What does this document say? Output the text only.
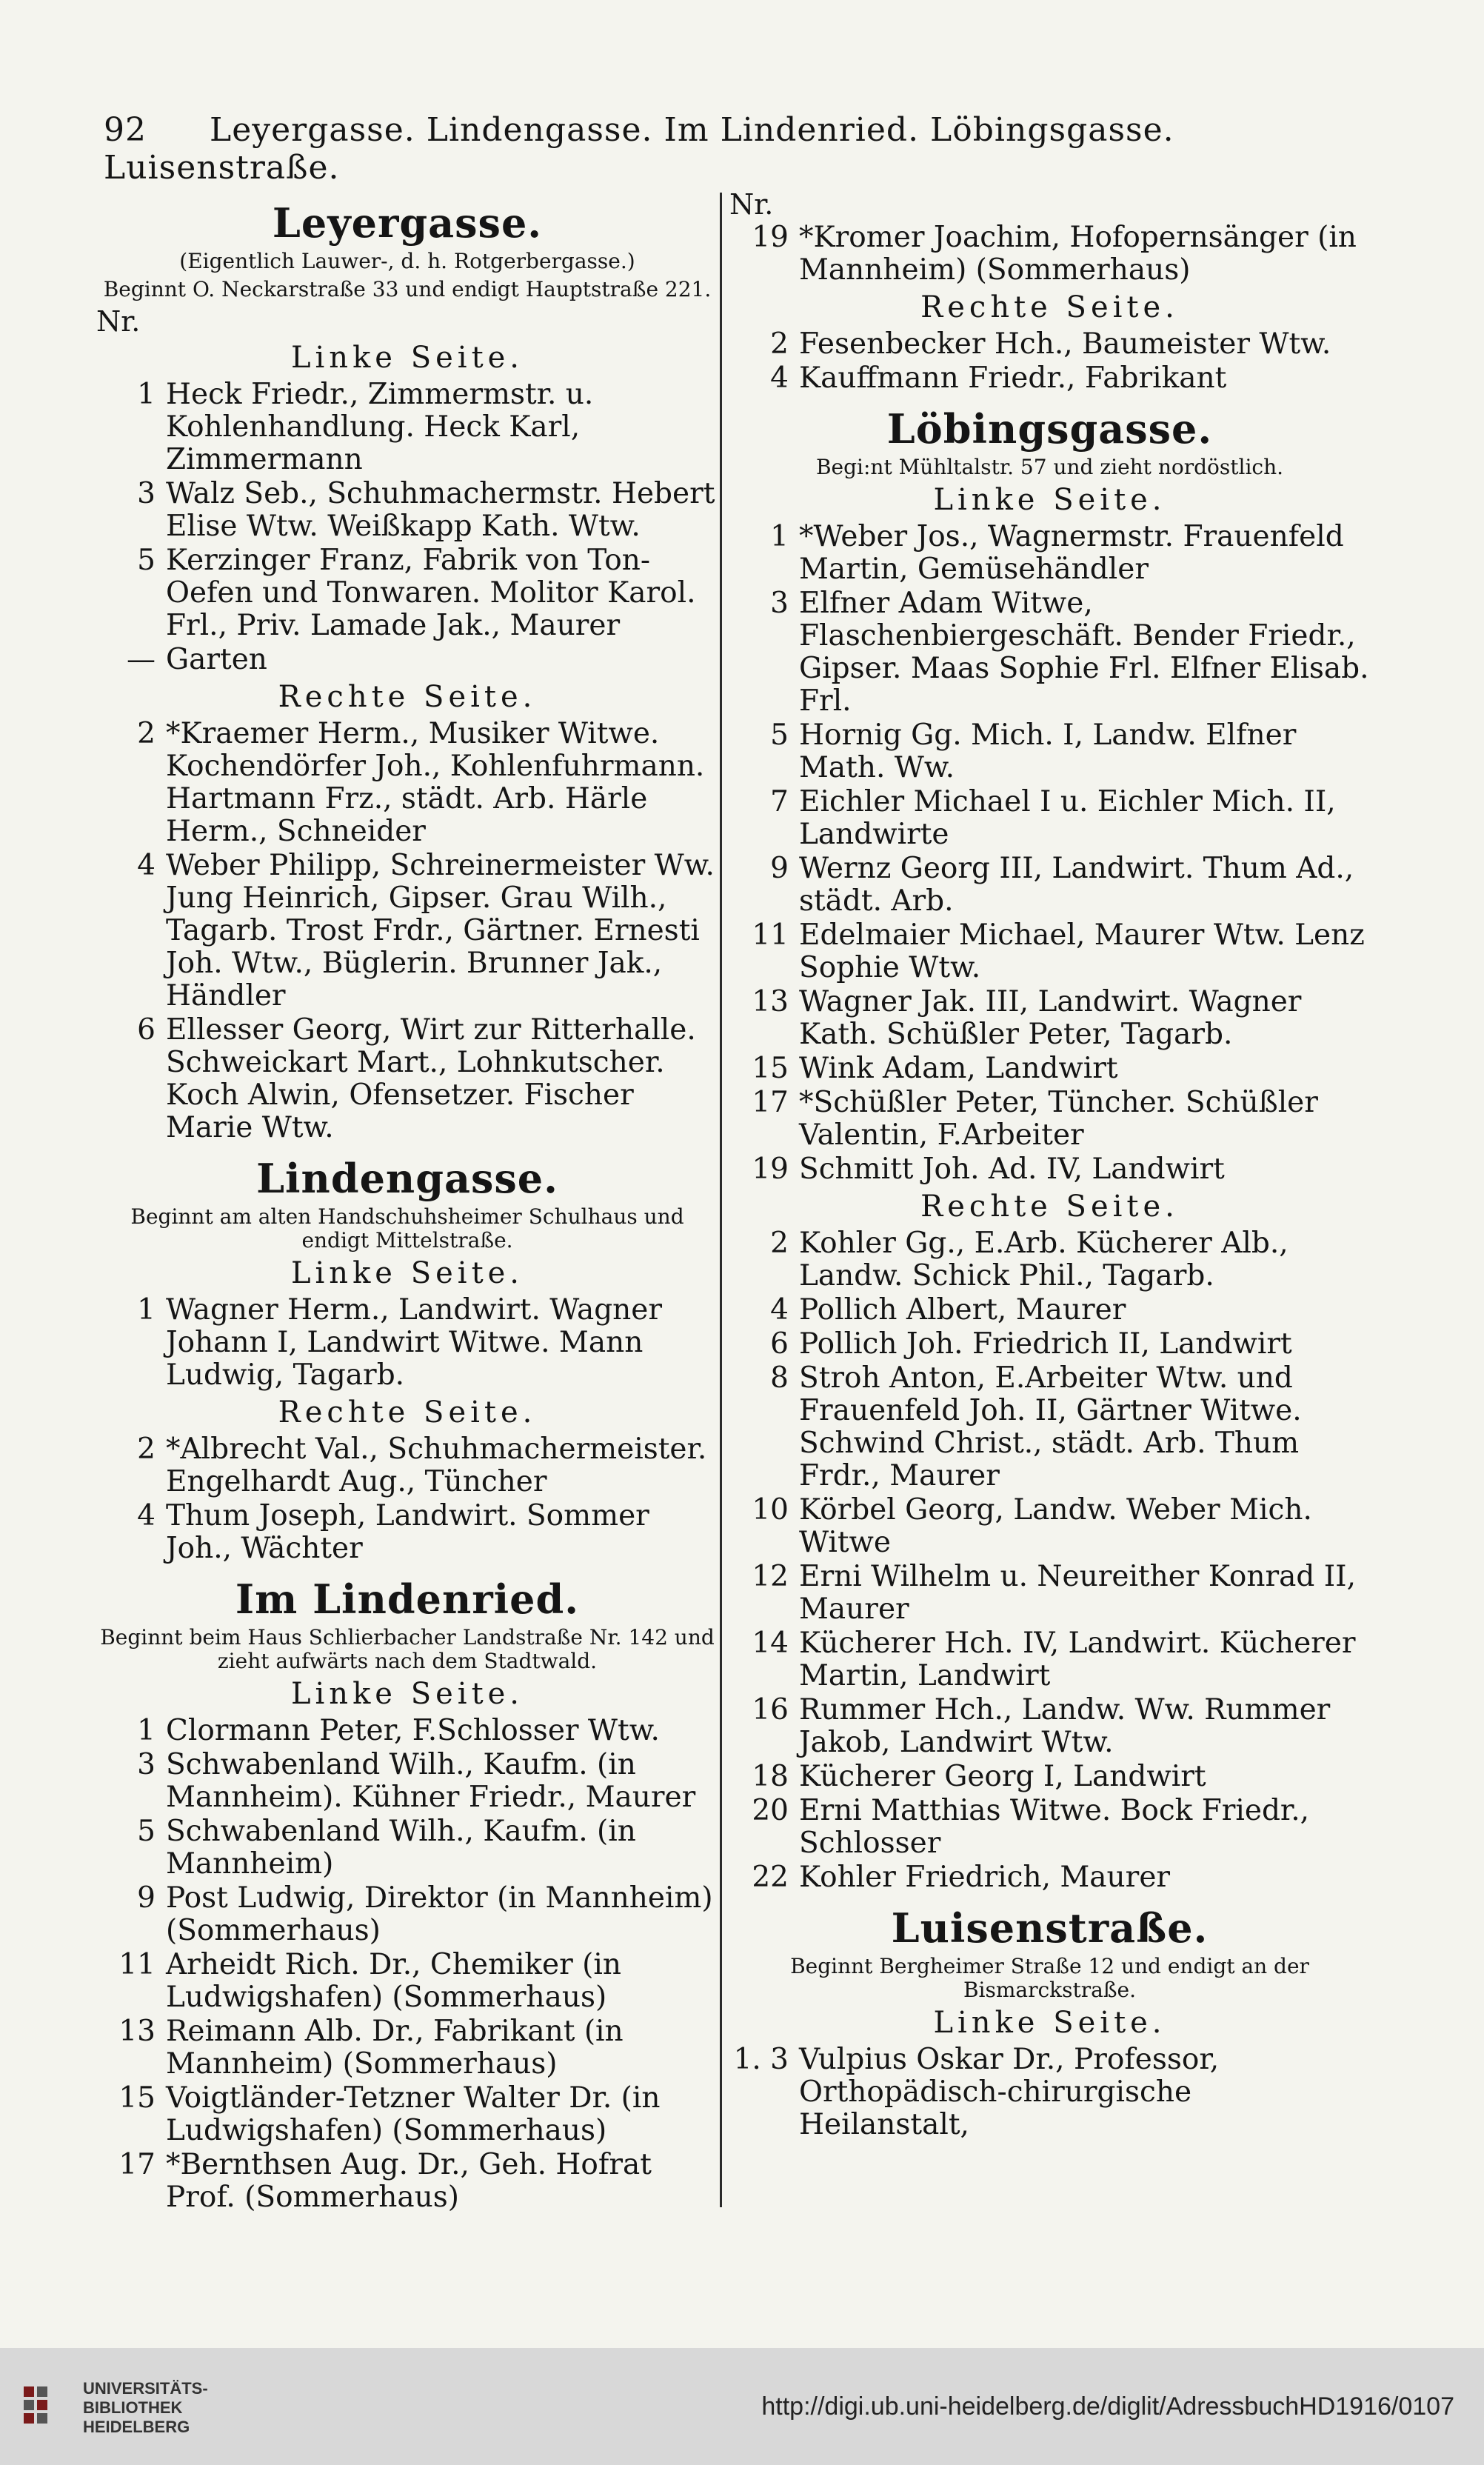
92 Leyergasse. Lindengasse. Im Lindenried. Löbingsgasse. Luisenstraße.
Leyergasse.
(Eigentlich Lauwer-, d. h. Rotgerbergasse.)
Beginnt O. Neckarstraße 33 und endigt Hauptstraße 221.
Nr.
Linke Seite.
1 Heck Friedr., Zimmermstr. u. Kohlenhandlung. Heck Karl, Zimmermann
3 Walz Seb., Schuhmachermstr. Hebert Elise Wtw. Weißkapp Kath. Wtw.
5 Kerzinger Franz, Fabrik von Ton-Oefen und Tonwaren. Molitor Karol. Frl., Priv. Lamade Jak., Maurer
— Garten
Rechte Seite.
2 *Kraemer Herm., Musiker Witwe. Kochendörfer Joh., Kohlenfuhrmann. Hartmann Frz., städt. Arb. Härle Herm., Schneider
4 Weber Philipp, Schreinermeister Ww. Jung Heinrich, Gipser. Grau Wilh., Tagarb. Trost Frdr., Gärtner. Ernesti Joh. Wtw., Büglerin. Brunner Jak., Händler
6 Ellesser Georg, Wirt zur Ritterhalle. Schweickart Mart., Lohnkutscher. Koch Alwin, Ofensetzer. Fischer Marie Wtw.
Lindengasse.
Beginnt am alten Handschuhsheimer Schulhaus und endigt Mittelstraße.
Linke Seite.
1 Wagner Herm., Landwirt. Wagner Johann I, Landwirt Witwe. Mann Ludwig, Tagarb.
Rechte Seite.
2 *Albrecht Val., Schuhmachermeister. Engelhardt Aug., Tüncher
4 Thum Joseph, Landwirt. Sommer Joh., Wächter
Im Lindenried.
Beginnt beim Haus Schlierbacher Landstraße Nr. 142 und zieht aufwärts nach dem Stadtwald.
Linke Seite.
1 Clormann Peter, F.Schlosser Wtw.
3 Schwabenland Wilh., Kaufm. (in Mannheim). Kühner Friedr., Maurer
5 Schwabenland Wilh., Kaufm. (in Mannheim)
9 Post Ludwig, Direktor (in Mannheim) (Sommerhaus)
11 Arheidt Rich. Dr., Chemiker (in Ludwigshafen) (Sommerhaus)
13 Reimann Alb. Dr., Fabrikant (in Mannheim) (Sommerhaus)
15 Voigtländer-Tetzner Walter Dr. (in Ludwigshafen) (Sommerhaus)
17 *Bernthsen Aug. Dr., Geh. Hofrat Prof. (Sommerhaus)
Nr.
19 *Kromer Joachim, Hofopernsänger (in Mannheim) (Sommerhaus)
Rechte Seite.
2 Fesenbecker Hch., Baumeister Wtw.
4 Kauffmann Friedr., Fabrikant
Löbingsgasse.
Begi:nt Mühltalstr. 57 und zieht nordöstlich.
Linke Seite.
1 *Weber Jos., Wagnermstr. Frauenfeld Martin, Gemüsehändler
3 Elfner Adam Witwe, Flaschenbiergeschäft. Bender Friedr., Gipser. Maas Sophie Frl. Elfner Elisab. Frl.
5 Hornig Gg. Mich. I, Landw. Elfner Math. Ww.
7 Eichler Michael I u. Eichler Mich. II, Landwirte
9 Wernz Georg III, Landwirt. Thum Ad., städt. Arb.
11 Edelmaier Michael, Maurer Wtw. Lenz Sophie Wtw.
13 Wagner Jak. III, Landwirt. Wagner Kath. Schüßler Peter, Tagarb.
15 Wink Adam, Landwirt
17 *Schüßler Peter, Tüncher. Schüßler Valentin, F.Arbeiter
19 Schmitt Joh. Ad. IV, Landwirt
Rechte Seite.
2 Kohler Gg., E.Arb. Kücherer Alb., Landw. Schick Phil., Tagarb.
4 Pollich Albert, Maurer
6 Pollich Joh. Friedrich II, Landwirt
8 Stroh Anton, E.Arbeiter Wtw. und Frauenfeld Joh. II, Gärtner Witwe. Schwind Christ., städt. Arb. Thum Frdr., Maurer
10 Körbel Georg, Landw. Weber Mich. Witwe
12 Erni Wilhelm u. Neureither Konrad II, Maurer
14 Kücherer Hch. IV, Landwirt. Kücherer Martin, Landwirt
16 Rummer Hch., Landw. Ww. Rummer Jakob, Landwirt Wtw.
18 Kücherer Georg I, Landwirt
20 Erni Matthias Witwe. Bock Friedr., Schlosser
22 Kohler Friedrich, Maurer
Luisenstraße.
Beginnt Bergheimer Straße 12 und endigt an der Bismarckstraße.
Linke Seite.
1. 3 Vulpius Oskar Dr., Professor, Orthopädisch-chirurgische Heilanstalt,
UNIVERSITÄTS-
BIBLIOTHEK
HEIDELBERG
http://digi.ub.uni-heidelberg.de/diglit/AdressbuchHD1916/0107
